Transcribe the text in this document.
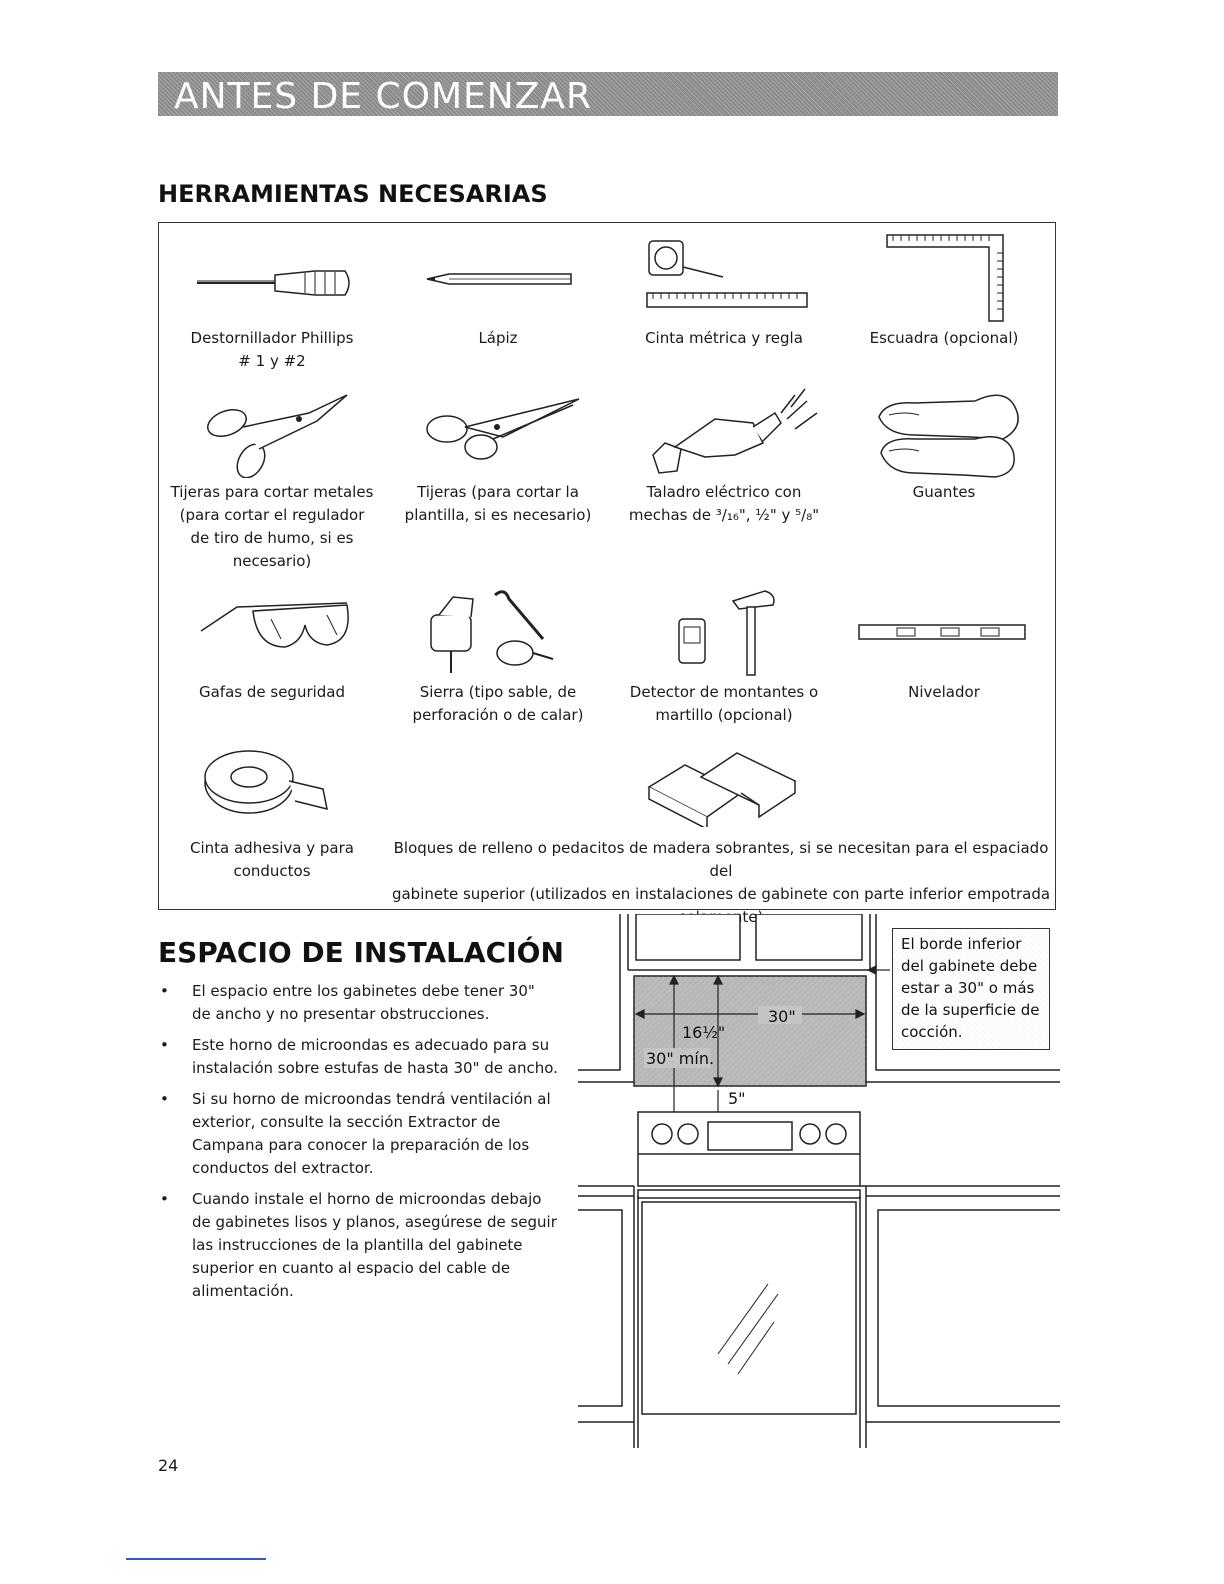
ANTES DE COMENZAR
HERRAMIENTAS NECESARIAS
Destornillador Phillips
# 1 y #2
Lápiz	Cinta métrica y regla	Escuadra (opcional)
Tijeras para cortar metales
(para cortar el regulador
de tiro de humo, si es
necesario)
Tijeras (para cortar la
plantilla, si es necesario)
Taladro eléctrico con
mechas de ³/₁₆", ½" y ⁵/₈"
Guantes
Gafas de seguridad	Sierra (tipo sable, de
perforación o de calar)
Detector de montantes o
martillo (opcional)
Nivelador
Cinta adhesiva y para
conductos
Bloques de relleno o pedacitos de madera sobrantes, si se necesitan para el espaciado del
gabinete superior (utilizados en instalaciones de gabinete con parte inferior empotrada
ESPACIO DE INSTALACIÓN
• El espacio entre los gabinetes debe tener 30" de ancho y no presentar obstrucciones.
• Este horno de microondas es adecuado para su instalación sobre estufas de hasta 30" de ancho.
• Si su horno de microondas tendrá ventilación al exterior, consulte la sección Extractor de Campana para conocer la preparación de los conductos del extractor.
• Cuando instale el horno de microondas debajo de gabinetes lisos y planos, asegúrese de seguir las instrucciones de la plantilla del gabinete superior en cuanto al espacio del cable de alimentación.
30"
16½"
30" mín.
5"
El borde inferior
del gabinete debe
estar a 30" o más
de la superficie de
cocción.
24
